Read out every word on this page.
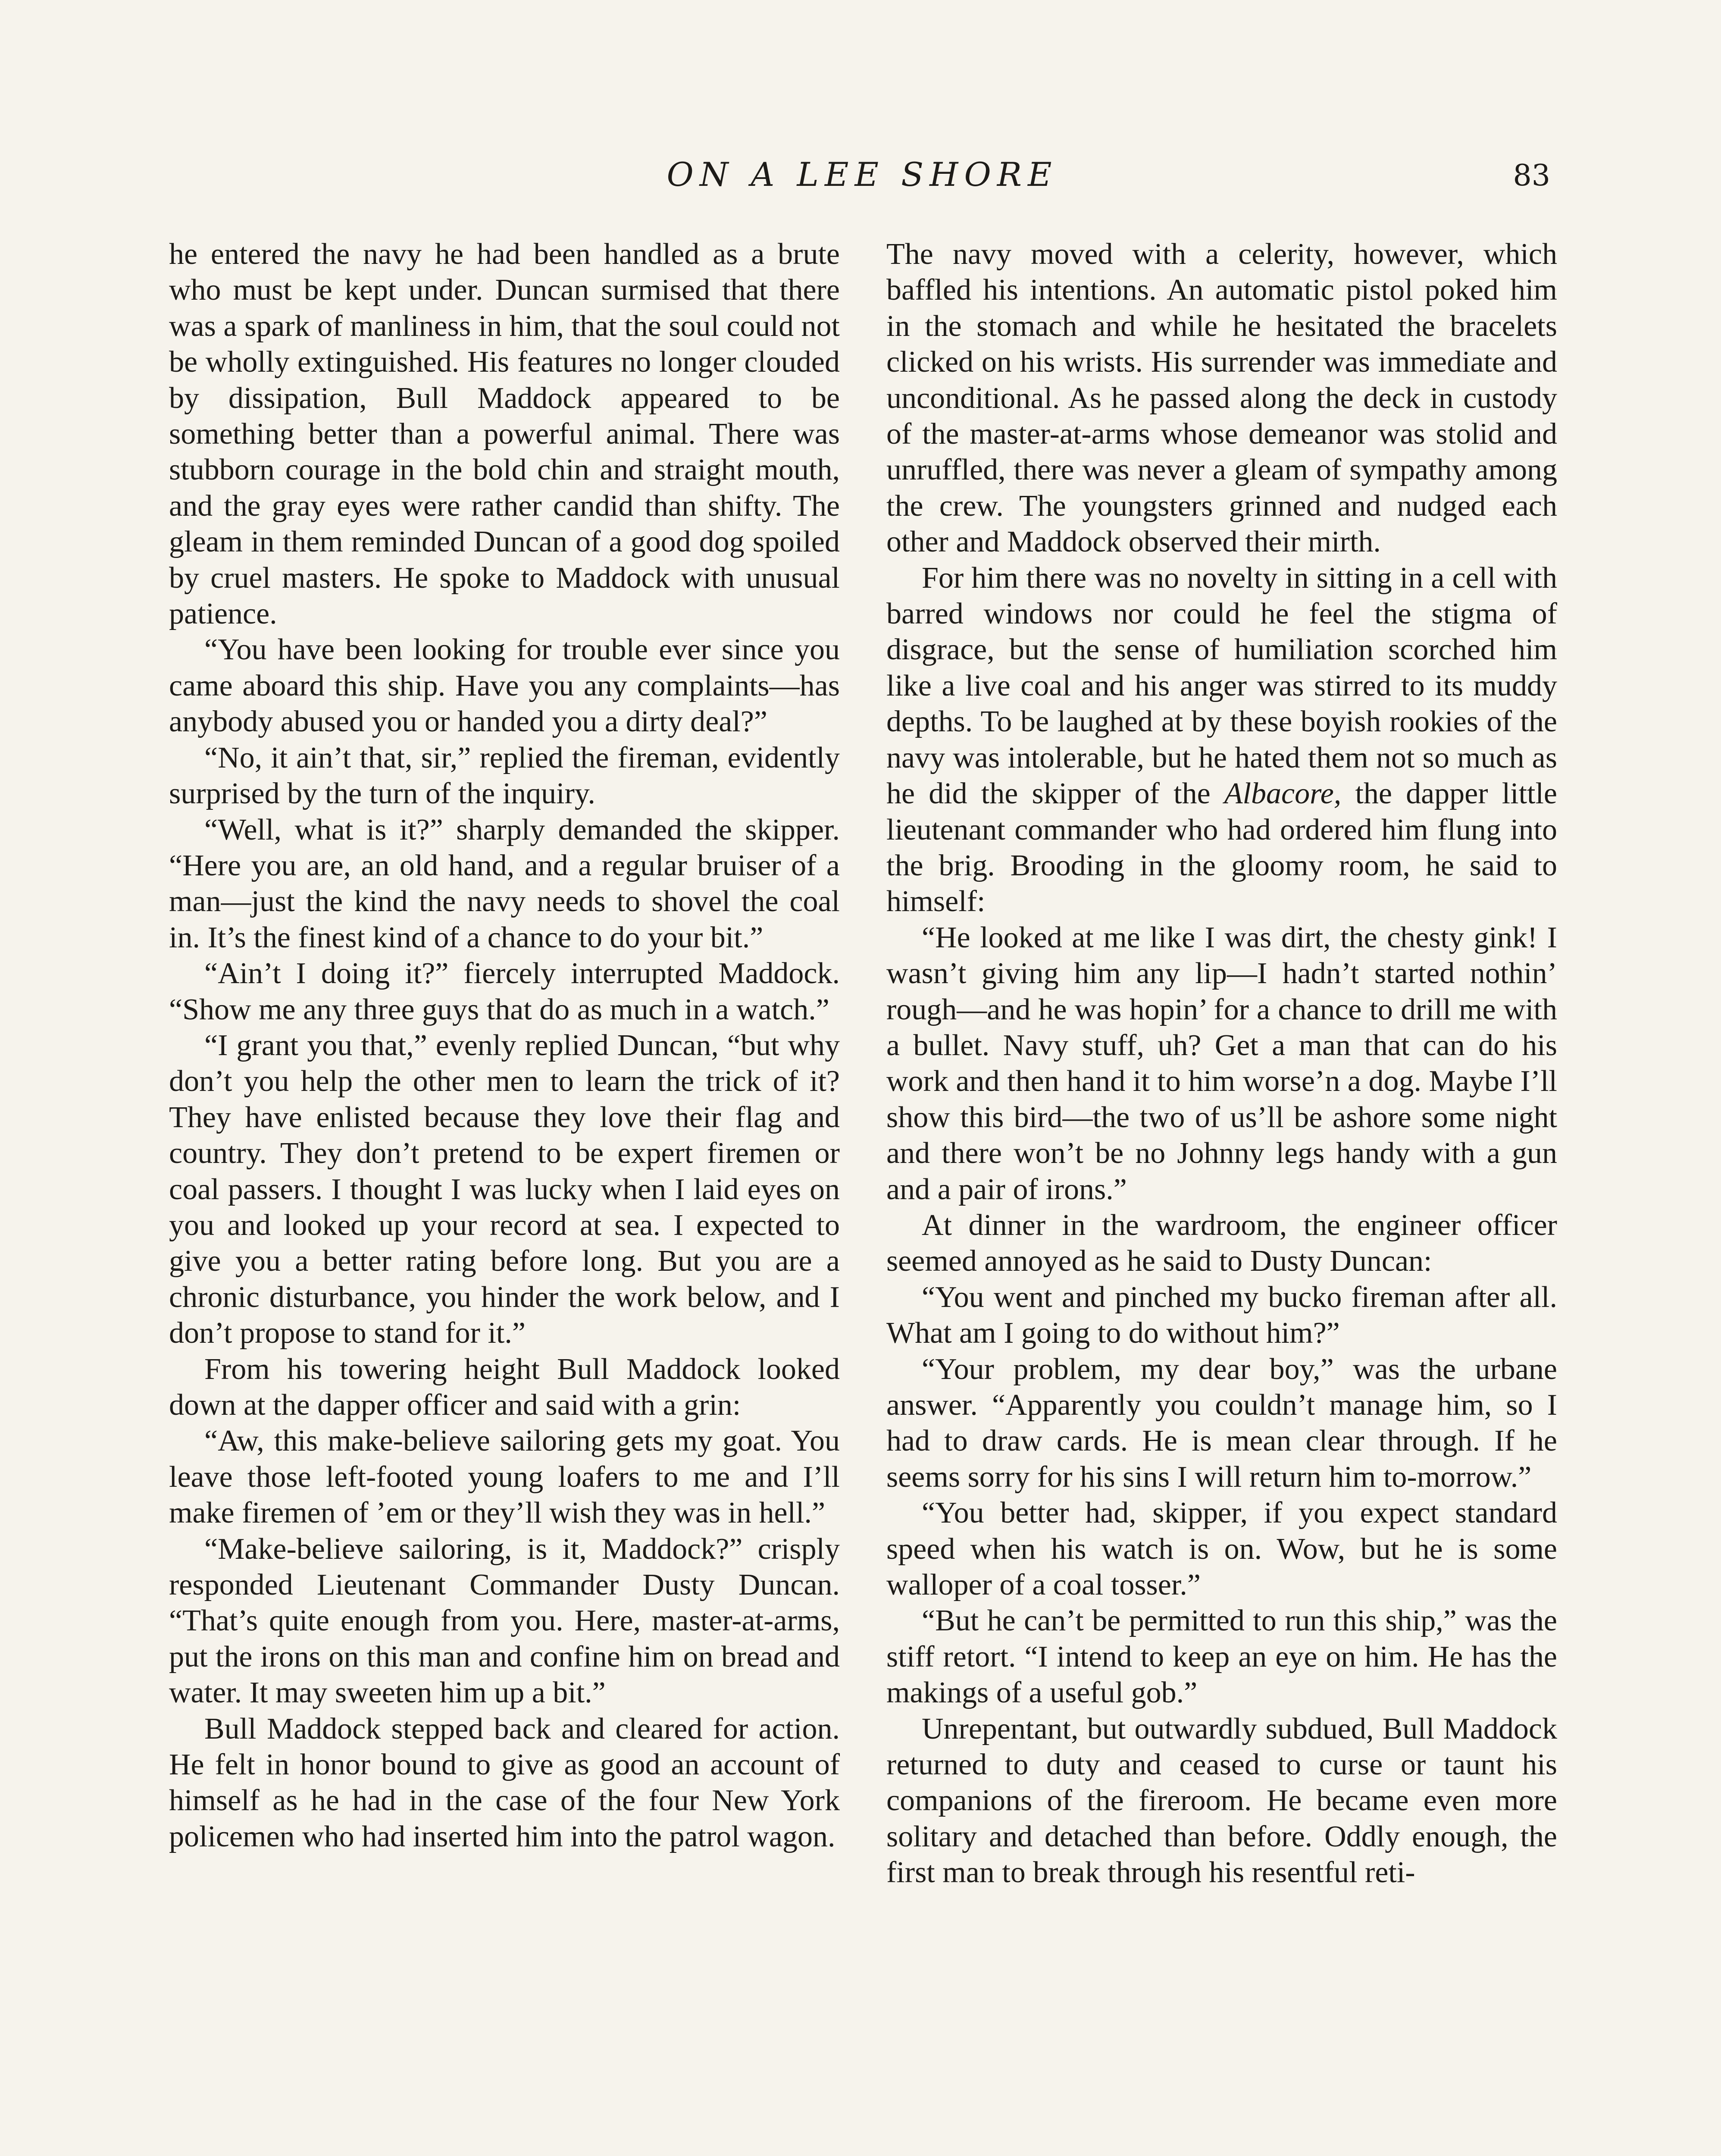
ON A LEE SHORE	83

he entered the navy he had been handled as a brute who must be kept under. Duncan surmised that there was a spark of manliness in him, that the soul could not be wholly extinguished. His features no longer clouded by dissipation, Bull Maddock appeared to be something better than a powerful animal. There was stubborn courage in the bold chin and straight mouth, and the gray eyes were rather candid than shifty. The gleam in them reminded Duncan of a good dog spoiled by cruel masters. He spoke to Maddock with unusual patience.

“You have been looking for trouble ever since you came aboard this ship. Have you any complaints—has anybody abused you or handed you a dirty deal?”

“No, it ain’t that, sir,” replied the fireman, evidently surprised by the turn of the inquiry.

“Well, what is it?” sharply demanded the skipper. “Here you are, an old hand, and a regular bruiser of a man—just the kind the navy needs to shovel the coal in. It’s the finest kind of a chance to do your bit.”

“Ain’t I doing it?” fiercely interrupted Maddock. “Show me any three guys that do as much in a watch.”

“I grant you that,” evenly replied Duncan, “but why don’t you help the other men to learn the trick of it? They have enlisted because they love their flag and country. They don’t pretend to be expert firemen or coal passers. I thought I was lucky when I laid eyes on you and looked up your record at sea. I expected to give you a better rating before long. But you are a chronic disturbance, you hinder the work below, and I don’t propose to stand for it.”

From his towering height Bull Maddock looked down at the dapper officer and said with a grin:

“Aw, this make-believe sailoring gets my goat. You leave those left-footed young loafers to me and I’ll make firemen of ’em or they’ll wish they was in hell.”

“Make-believe sailoring, is it, Maddock?” crisply responded Lieutenant Commander Dusty Duncan. “That’s quite enough from you. Here, master-at-arms, put the irons on this man and confine him on bread and water. It may sweeten him up a bit.”

Bull Maddock stepped back and cleared for action. He felt in honor bound to give as good an account of himself as he had in the case of the four New York policemen who had inserted him into the patrol wagon.

The navy moved with a celerity, however, which baffled his intentions. An automatic pistol poked him in the stomach and while he hesitated the bracelets clicked on his wrists. His surrender was immediate and unconditional. As he passed along the deck in custody of the master-at-arms whose demeanor was stolid and unruffled, there was never a gleam of sympathy among the crew. The youngsters grinned and nudged each other and Maddock observed their mirth.

For him there was no novelty in sitting in a cell with barred windows nor could he feel the stigma of disgrace, but the sense of humiliation scorched him like a live coal and his anger was stirred to its muddy depths. To be laughed at by these boyish rookies of the navy was intolerable, but he hated them not so much as he did the skipper of the Albacore, the dapper little lieutenant commander who had ordered him flung into the brig. Brooding in the gloomy room, he said to himself:

“He looked at me like I was dirt, the chesty gink! I wasn’t giving him any lip—I hadn’t started nothin’ rough—and he was hopin’ for a chance to drill me with a bullet. Navy stuff, uh? Get a man that can do his work and then hand it to him worse’n a dog. Maybe I’ll show this bird—the two of us’ll be ashore some night and there won’t be no Johnny legs handy with a gun and a pair of irons.”

At dinner in the wardroom, the engineer officer seemed annoyed as he said to Dusty Duncan:

“You went and pinched my bucko fireman after all. What am I going to do without him?”

“Your problem, my dear boy,” was the urbane answer. “Apparently you couldn’t manage him, so I had to draw cards. He is mean clear through. If he seems sorry for his sins I will return him to-morrow.”

“You better had, skipper, if you expect standard speed when his watch is on. Wow, but he is some walloper of a coal tosser.”

“But he can’t be permitted to run this ship,” was the stiff retort. “I intend to keep an eye on him. He has the makings of a useful gob.”

Unrepentant, but outwardly subdued, Bull Maddock returned to duty and ceased to curse or taunt his companions of the fireroom. He became even more solitary and detached than before. Oddly enough, the first man to break through his resentful reti-
